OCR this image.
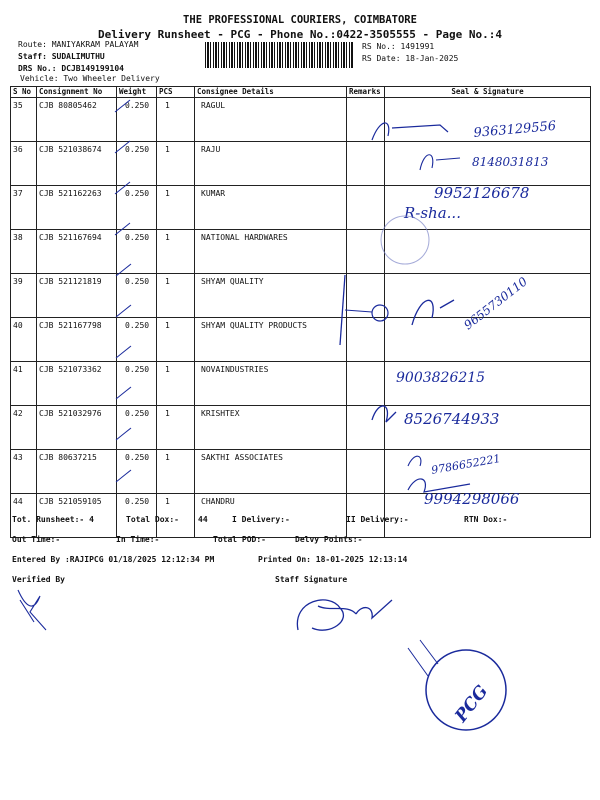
THE PROFESSIONAL COURIERS, COIMBATORE
Delivery Runsheet - PCG - Phone No.:0422-3505555 - Page No.:4
Route: MANIYAKRAM PALAYAM
Staff: SUDALIMUTHU
DRS No.: DCJB149199104
Vehicle: Two Wheeler Delivery
RS No.: 1491991
RS Date: 18-Jan-2025
S No	Consignment No	Weight	PCS	Consignee Details	Remarks	Seal & Signature
35	CJB 80805462	0.250	1	RAGUL		
36	CJB 521038674	0.250	1	RAJU		
37	CJB 521162263	0.250	1	KUMAR		
38	CJB 521167694	0.250	1	NATIONAL HARDWARES		
39	CJB 521121819	0.250	1	SHYAM QUALITY		
40	CJB 521167798	0.250	1	SHYAM QUALITY PRODUCTS		
41	CJB 521073362	0.250	1	NOVAINDUSTRIES		
42	CJB 521032976	0.250	1	KRISHTEX		
43	CJB 80637215	0.250	1	SAKTHI ASSOCIATES		
44	CJB 521059105	0.250	1	CHANDRU		
Tot. Runsheet:- 4	Total Dox:- 44	I Delivery:-	II Delivery:-	RTN Dox:-
Out Time:-	In Time:-	Total POD:-	Delvy Points:-
Entered By :RAJIPCG 01/18/2025 12:12:34 PM	Printed On: 18-01-2025 12:13:14
Verified By	Staff Signature
9363129556
8148031813
9952126678
R-sha...
9655730110
9003826215
8526744933
9786652221
9994298066
PCG
